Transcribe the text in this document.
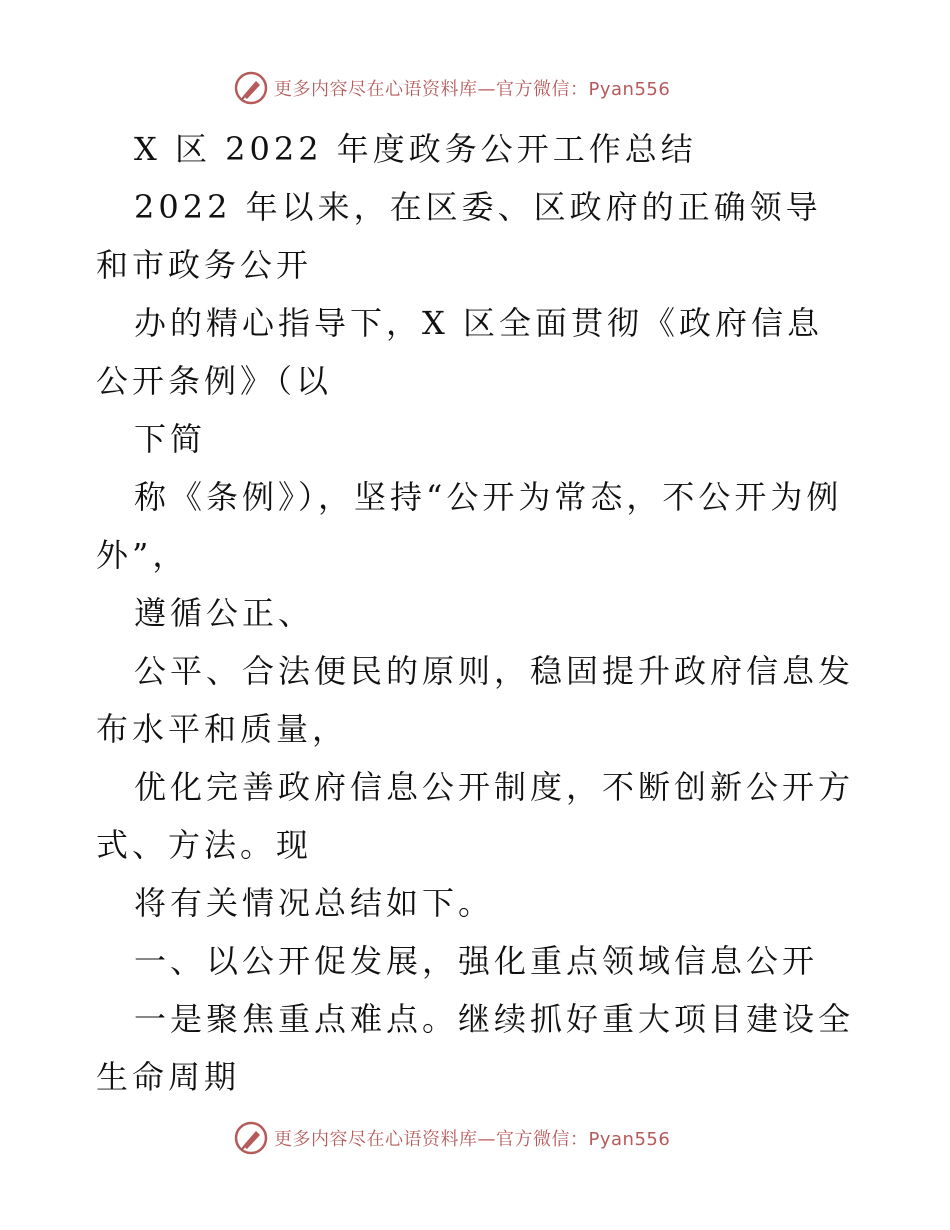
更多内容尽在心语资料库—官方微信：Pyan556

X 区 2022 年度政务公开工作总结

2022 年以来，在区委、区政府的正确领导和市政务公开

办的精心指导下，X 区全面贯彻《政府信息公开条例》（以

下简

称《条例》），坚持“公开为常态，不公开为例外”，

遵循公正、

公平、合法便民的原则，稳固提升政府信息发布水平和质量，

优化完善政府信息公开制度，不断创新公开方式、方法。现

将有关情况总结如下。

一、以公开促发展，强化重点领域信息公开

一是聚焦重点难点。继续抓好重大项目建设全生命周期

更多内容尽在心语资料库—官方微信：Pyan556
